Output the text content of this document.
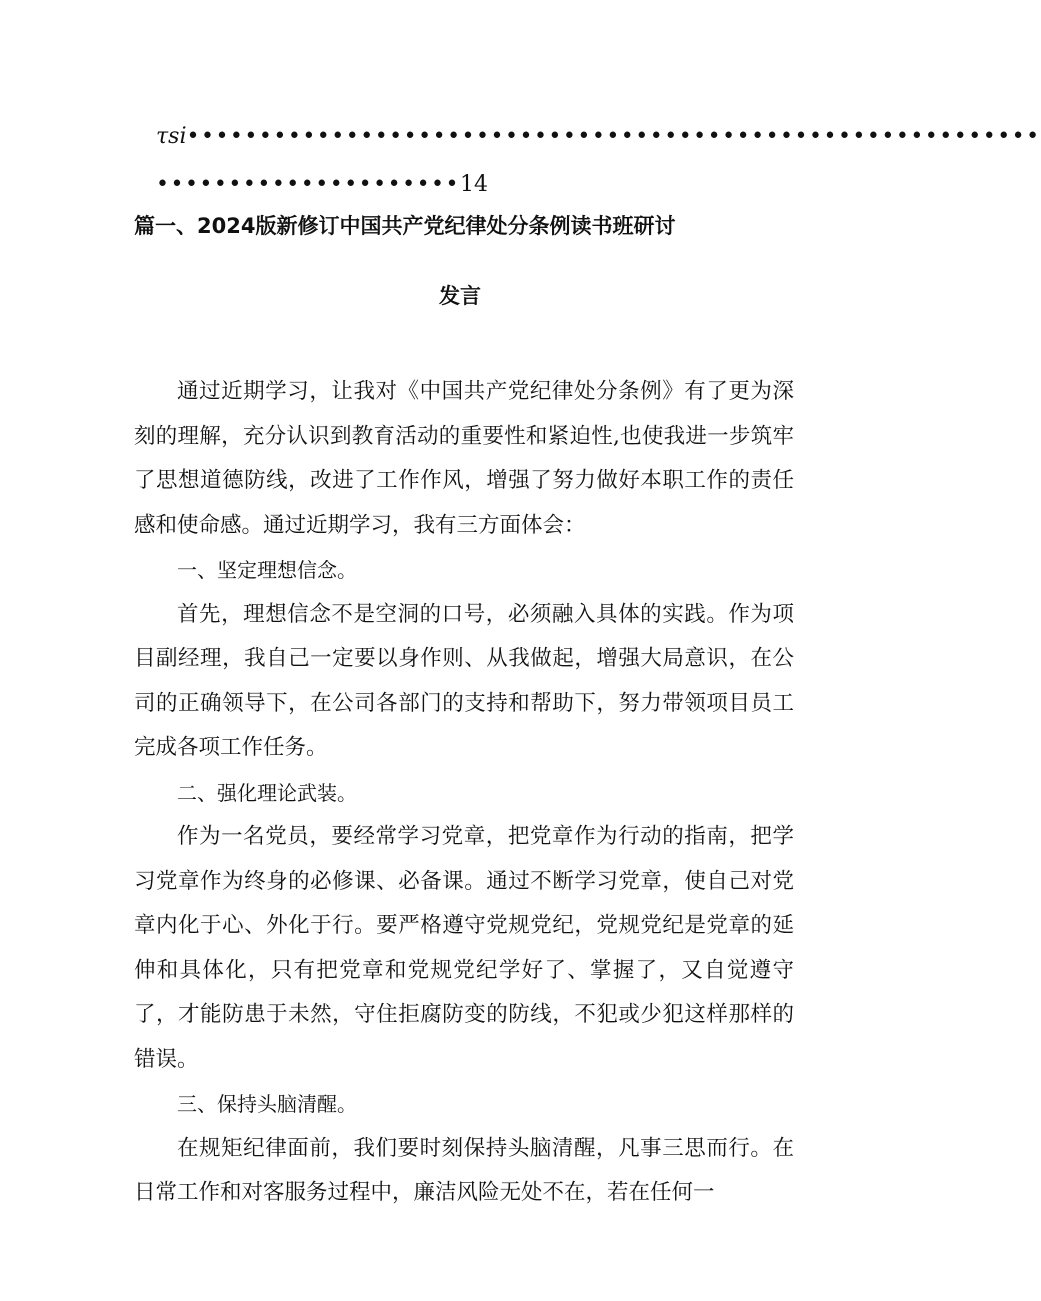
τsi•••••••••••••••••••••••••••••••••••••••••••••••••••••••••••
•••••••••••••••••••••14
篇一、2024版新修订中国共产党纪律处分条例读书班研讨
发言

通过近期学习，让我对《中国共产党纪律处分条例》有了更为深刻的理解，充分认识到教育活动的重要性和紧迫性,也使我进一步筑牢了思想道德防线，改进了工作作风，增强了努力做好本职工作的责任感和使命感。通过近期学习，我有三方面体会：

一、坚定理想信念。

首先，理想信念不是空洞的口号，必须融入具体的实践。作为项目副经理，我自己一定要以身作则、从我做起，增强大局意识，在公司的正确领导下，在公司各部门的支持和帮助下，努力带领项目员工完成各项工作任务。

二、强化理论武装。

作为一名党员，要经常学习党章，把党章作为行动的指南，把学习党章作为终身的必修课、必备课。通过不断学习党章，使自己对党章内化于心、外化于行。要严格遵守党规党纪，党规党纪是党章的延伸和具体化，只有把党章和党规党纪学好了、掌握了，又自觉遵守了，才能防患于未然，守住拒腐防变的防线，不犯或少犯这样那样的错误。

三、保持头脑清醒。

在规矩纪律面前，我们要时刻保持头脑清醒，凡事三思而行。在日常工作和对客服务过程中，廉洁风险无处不在，若在任何一
